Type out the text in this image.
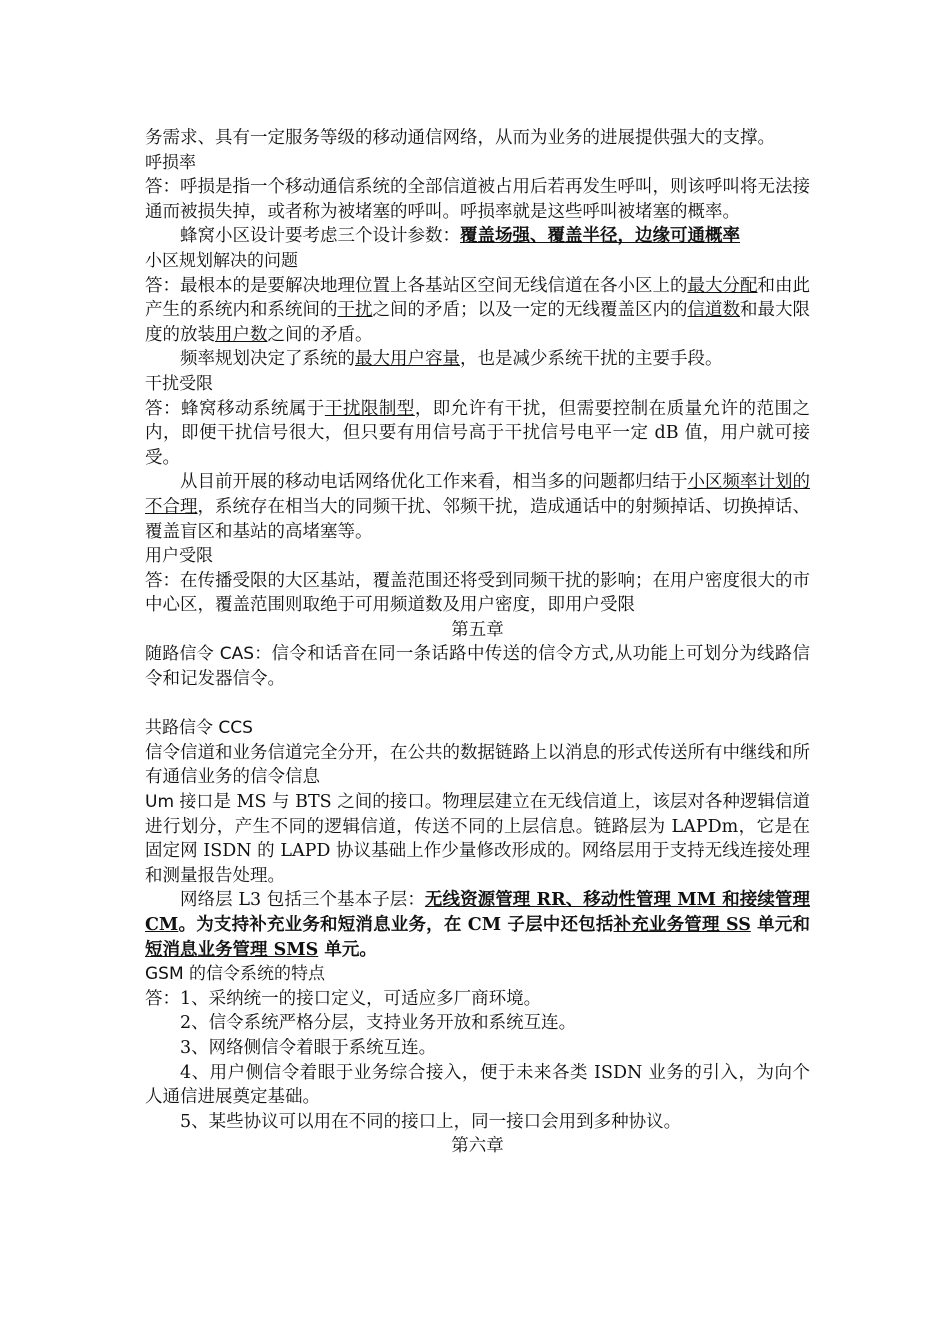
务需求、具有一定服务等级的移动通信网络，从而为业务的进展提供强大的支撑。

呼损率

答：呼损是指一个移动通信系统的全部信道被占用后若再发生呼叫，则该呼叫将无法接通而被损失掉，或者称为被堵塞的呼叫。呼损率就是这些呼叫被堵塞的概率。

蜂窝小区设计要考虑三个设计参数：覆盖场强、覆盖半径，边缘可通概率

小区规划解决的问题

答：最根本的是要解决地理位置上各基站区空间无线信道在各小区上的最大分配和由此产生的系统内和系统间的干扰之间的矛盾；以及一定的无线覆盖区内的信道数和最大限度的放装用户数之间的矛盾。

频率规划决定了系统的最大用户容量，也是减少系统干扰的主要手段。

干扰受限

答：蜂窝移动系统属于干扰限制型，即允许有干扰，但需要控制在质量允许的范围之内，即便干扰信号很大，但只要有用信号高于干扰信号电平一定 dB 值，用户就可接受。

从目前开展的移动电话网络优化工作来看，相当多的问题都归结于小区频率计划的不合理，系统存在相当大的同频干扰、邻频干扰，造成通话中的射频掉话、切换掉话、覆盖盲区和基站的高堵塞等。

用户受限

答：在传播受限的大区基站，覆盖范围还将受到同频干扰的影响；在用户密度很大的市中心区，覆盖范围则取绝于可用频道数及用户密度，即用户受限

第五章

随路信令 CAS：信令和话音在同一条话路中传送的信令方式,从功能上可划分为线路信令和记发器信令。

共路信令 CCS

信令信道和业务信道完全分开，在公共的数据链路上以消息的形式传送所有中继线和所有通信业务的信令信息

Um 接口是 MS 与 BTS 之间的接口。物理层建立在无线信道上，该层对各种逻辑信道进行划分，产生不同的逻辑信道，传送不同的上层信息。链路层为 LAPDm，它是在固定网 ISDN 的 LAPD 协议基础上作少量修改形成的。网络层用于支持无线连接处理和测量报告处理。

网络层 L3 包括三个基本子层：无线资源管理 RR、移动性管理 MM 和接续管理 CM。为支持补充业务和短消息业务，在 CM 子层中还包括补充业务管理 SS 单元和短消息业务管理 SMS 单元。

GSM 的信令系统的特点

答：1、采纳统一的接口定义，可适应多厂商环境。

2、信令系统严格分层，支持业务开放和系统互连。

3、网络侧信令着眼于系统互连。

4、用户侧信令着眼于业务综合接入，便于未来各类 ISDN 业务的引入，为向个人通信进展奠定基础。

5、某些协议可以用在不同的接口上，同一接口会用到多种协议。

第六章
